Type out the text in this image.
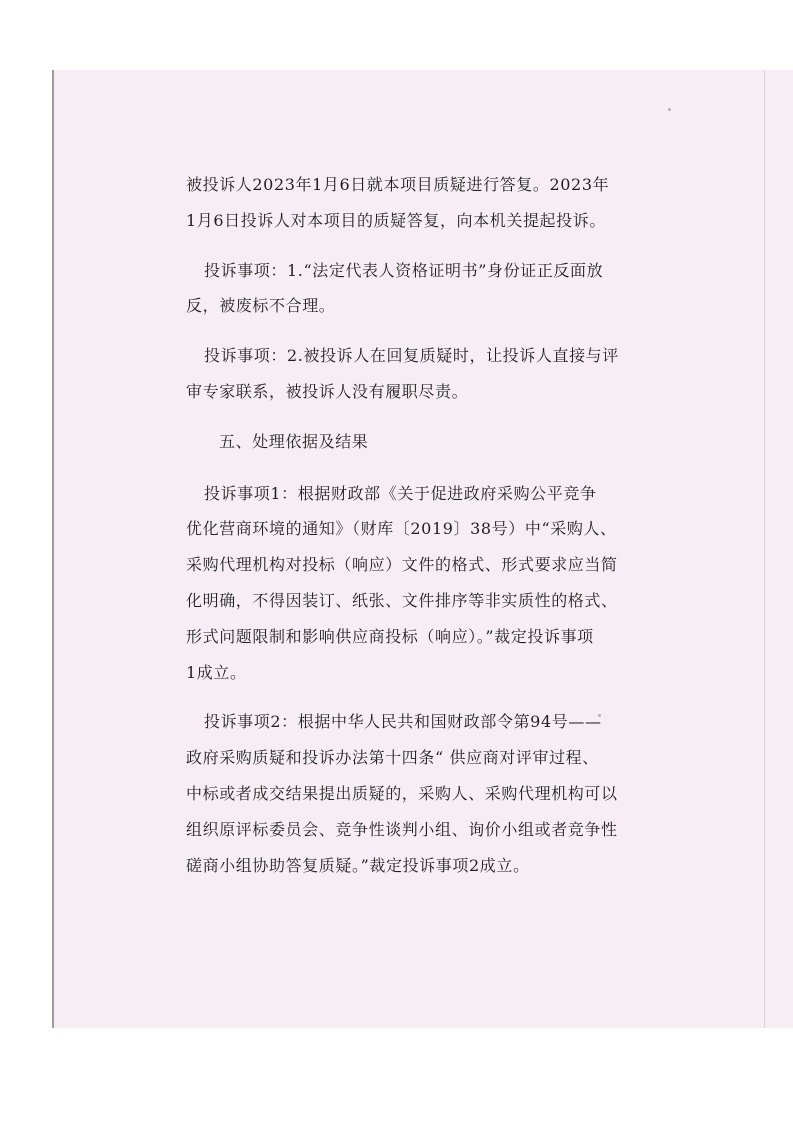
被投诉人2023年1月6日就本项目质疑进行答复。2023年
1月6日投诉人对本项目的质疑答复，向本机关提起投诉。
投诉事项：1.“法定代表人资格证明书”身份证正反面放
反，被废标不合理。
投诉事项：2.被投诉人在回复质疑时，让投诉人直接与评
审专家联系，被投诉人没有履职尽责。
五、处理依据及结果
投诉事项1：根据财政部《关于促进政府采购公平竞争
优化营商环境的通知》（财库〔2019〕38号）中“采购人、
采购代理机构对投标（响应）文件的格式、形式要求应当简
化明确，不得因装订、纸张、文件排序等非实质性的格式、
形式问题限制和影响供应商投标（响应）。”裁定投诉事项
1成立。
投诉事项2：根据中华人民共和国财政部令第94号——
政府采购质疑和投诉办法第十四条“ 供应商对评审过程、
中标或者成交结果提出质疑的，采购人、采购代理机构可以
组织原评标委员会、竞争性谈判小组、询价小组或者竞争性
磋商小组协助答复质疑。”裁定投诉事项2成立。
